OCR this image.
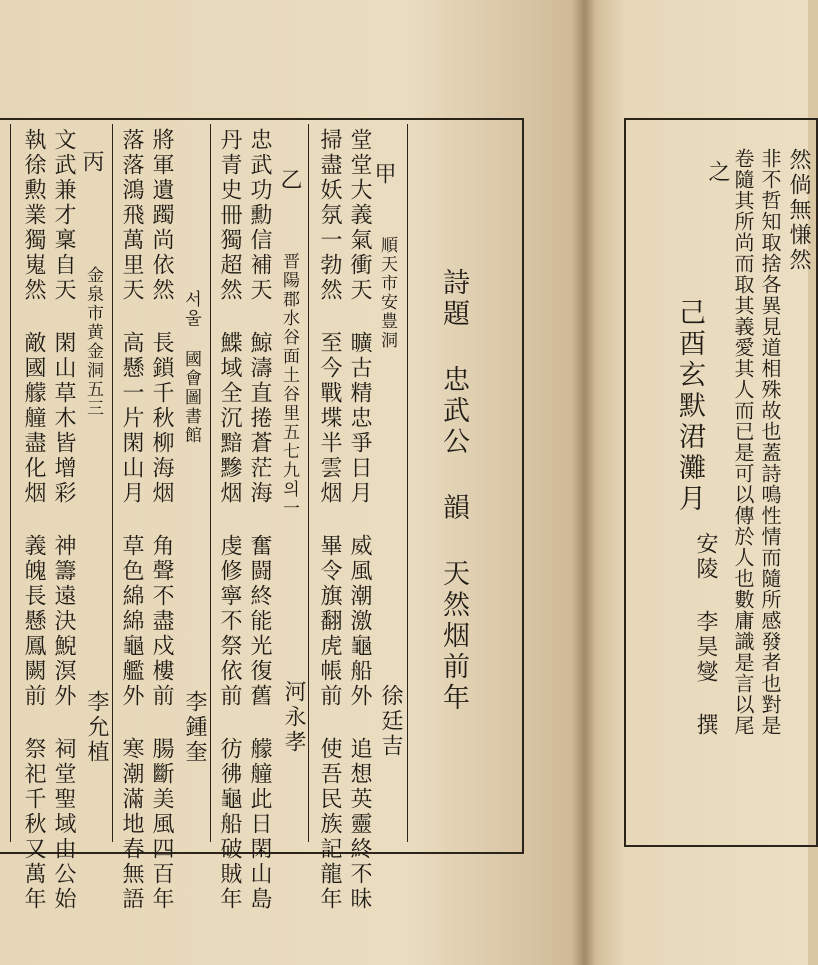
詩題 忠武公 韻 天然烟前年
甲
順天市安豊洞
徐廷吉
堂堂大義氣衝天 曠古精忠爭日月 威風潮激龜船外 追想英靈終不昧
掃盡妖氛一勃然 至今戰堞半雲烟 畢令旗翻虎帳前 使吾民族記龍年
乙
晋陽郡水谷面土谷里五七九의一
河永孝
忠武功勳信補天 鯨濤直捲蒼茫海 奮闘終能光復舊 艨艟此日閑山島
丹青史冊獨超然 鰈域全沉黯黲烟 虔修寧不祭依前 彷彿龜船破賊年
서울 國會圖書館
李鍾奎
將軍遺躅尚依然 長鎖千秋柳海烟 角聲不盡戍樓前 腸斷美風四百年
落落鴻飛萬里天 高懸一片閑山月 草色綿綿龜艦外 寒潮滿地春無語
丙
金泉市黄金洞五三
李允植
文武兼才稟自天 閑山草木皆增彩 神籌遠決鯢溟外 祠堂聖域由公始
執徐勲業獨嵬然 敵國艨艟盡化烟 義魄長懸鳳闕前 祭祀千秋又萬年	然倘無慊然
非不哲知取捨各異見道相殊故也蓋詩鳴性情而隨所感發者也對是
卷隨其所尚而取其義愛其人而已是可以傳於人也數庸識是言以尾
之
己酉玄默涒灘月
安陵 李昊燮 撰
